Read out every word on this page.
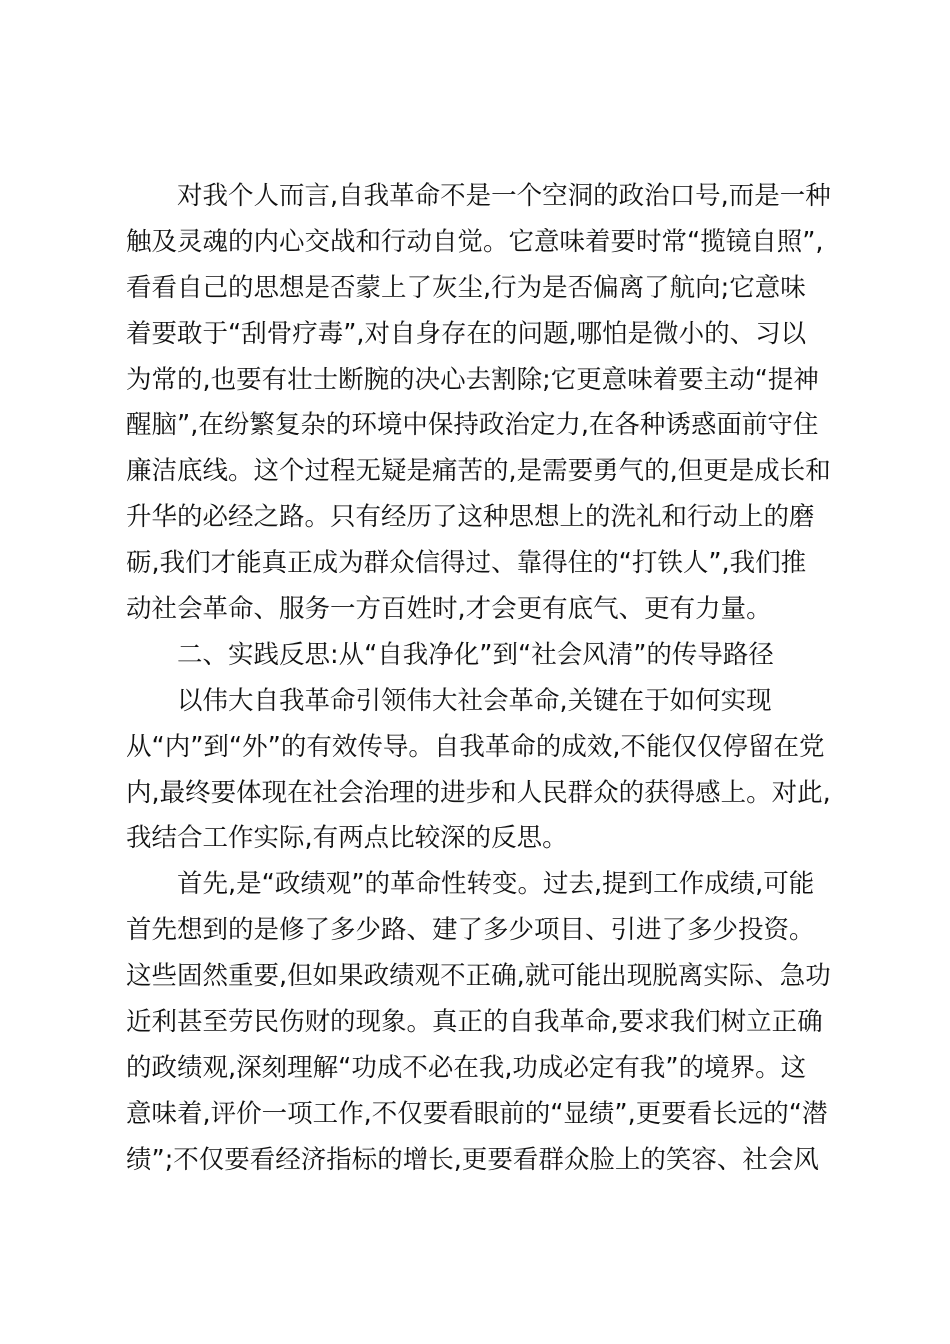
对我个人而言,自我革命不是一个空洞的政治口号,而是一种
触及灵魂的内心交战和行动自觉。它意味着要时常“揽镜自照”,
看看自己的思想是否蒙上了灰尘,行为是否偏离了航向;它意味
着要敢于“刮骨疗毒”,对自身存在的问题,哪怕是微小的、习以
为常的,也要有壮士断腕的决心去割除;它更意味着要主动“提神
醒脑”,在纷繁复杂的环境中保持政治定力,在各种诱惑面前守住
廉洁底线。这个过程无疑是痛苦的,是需要勇气的,但更是成长和
升华的必经之路。只有经历了这种思想上的洗礼和行动上的磨
砺,我们才能真正成为群众信得过、靠得住的“打铁人”,我们推
动社会革命、服务一方百姓时,才会更有底气、更有力量。
二、实践反思:从“自我净化”到“社会风清”的传导路径
以伟大自我革命引领伟大社会革命,关键在于如何实现
从“内”到“外”的有效传导。自我革命的成效,不能仅仅停留在党
内,最终要体现在社会治理的进步和人民群众的获得感上。对此,
我结合工作实际,有两点比较深的反思。
首先,是“政绩观”的革命性转变。过去,提到工作成绩,可能
首先想到的是修了多少路、建了多少项目、引进了多少投资。
这些固然重要,但如果政绩观不正确,就可能出现脱离实际、急功
近利甚至劳民伤财的现象。真正的自我革命,要求我们树立正确
的政绩观,深刻理解“功成不必在我,功成必定有我”的境界。这
意味着,评价一项工作,不仅要看眼前的“显绩”,更要看长远的“潜
绩”;不仅要看经济指标的增长,更要看群众脸上的笑容、社会风
